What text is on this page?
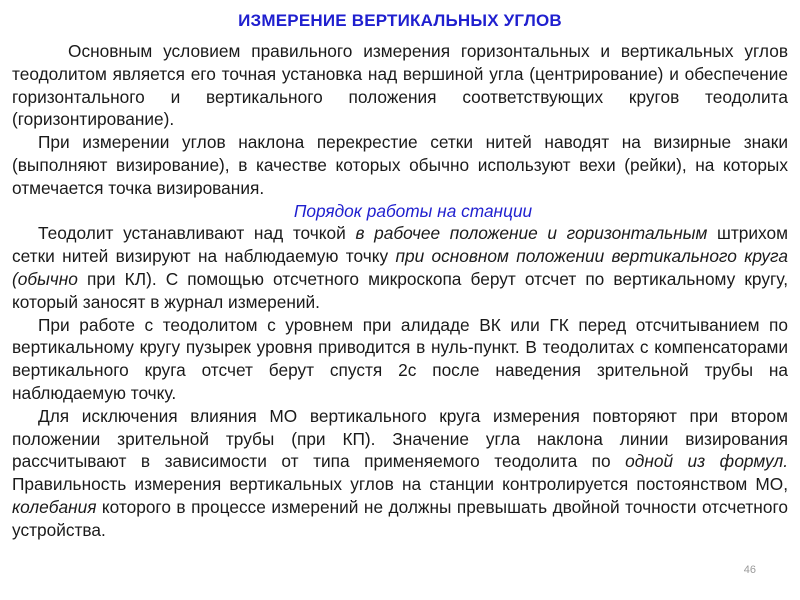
ИЗМЕРЕНИЕ ВЕРТИКАЛЬНЫХ УГЛОВ

Основным условием правильного измерения горизонтальных и вертикальных углов теодолитом является его точная установка над вершиной угла (центрирование) и обеспечение горизонтального и вертикального положения соответствующих кругов теодолита (горизонтирование).

При измерении углов наклона перекрестие сетки нитей наводят на визирные знаки (выполняют визирование), в качестве которых обычно используют вехи (рейки), на которых отмечается точка визирования.

Порядок работы на станции

Теодолит устанавливают над точкой в рабочее положение и горизонтальным штрихом сетки нитей визируют на наблюдаемую точку при основном положении вертикального круга (обычно при КЛ). С помощью отсчетного микроскопа берут отсчет по вертикальному кругу, который заносят в журнал измерений.

При работе с теодолитом с уровнем при алидаде ВК или ГК перед отсчитыванием по вертикальному кругу пузырек уровня приводится в нуль-пункт. В теодолитах с компенсаторами вертикального круга отсчет берут спустя 2с после наведения зрительной трубы на наблюдаемую точку.

Для исключения влияния МО вертикального круга измерения повторяют при втором положении зрительной трубы (при КП). Значение угла наклона линии визирования рассчитывают в зависимости от типа применяемого теодолита по одной из формул. Правильность измерения вертикальных углов на станции контролируется постоянством МО, колебания которого в процессе измерений не должны превышать двойной точности отсчетного устройства.

46
